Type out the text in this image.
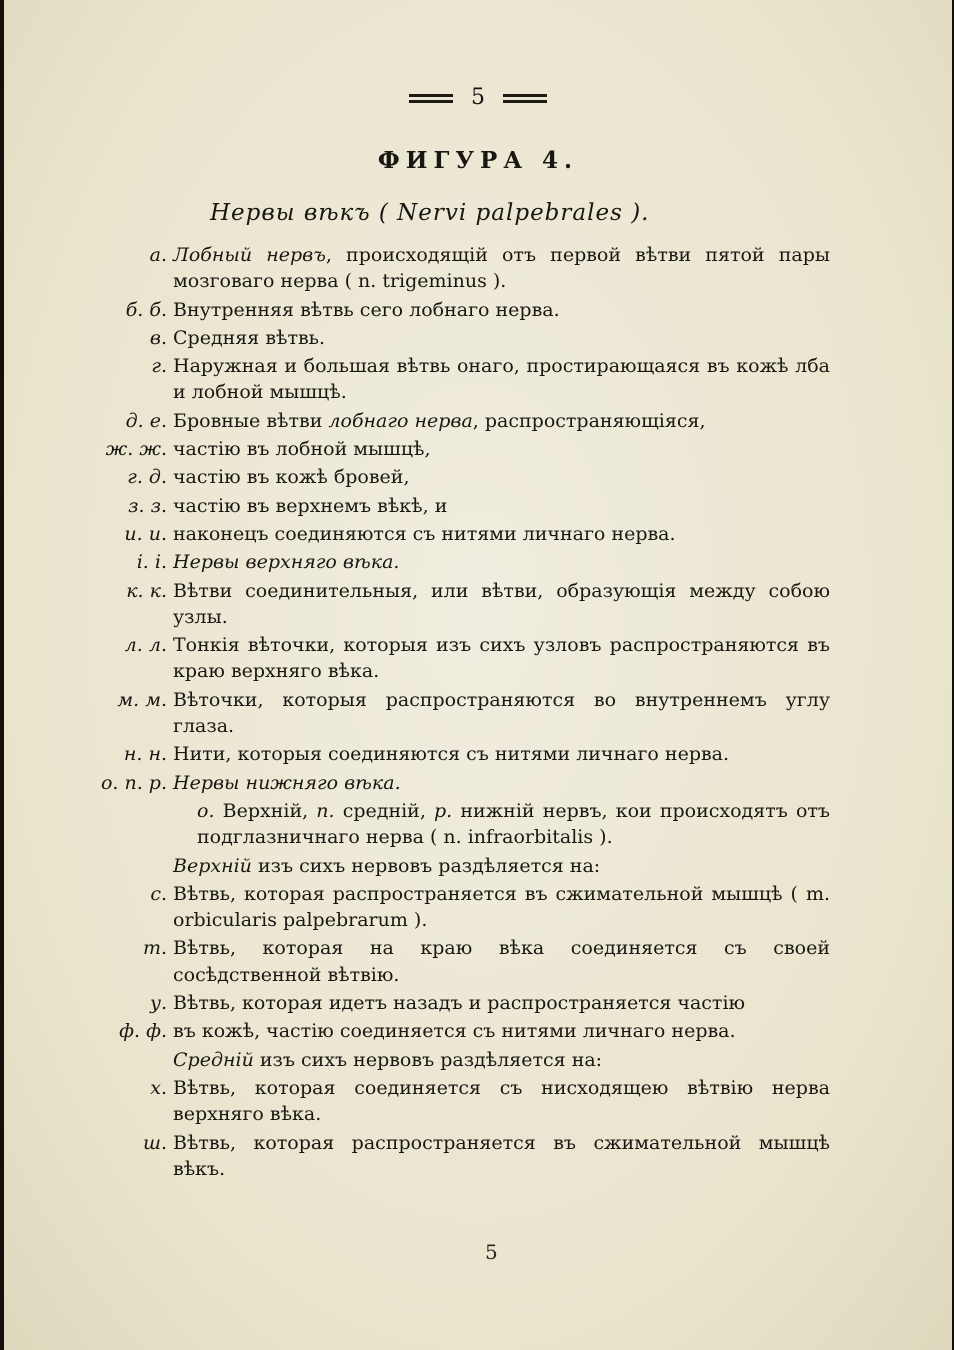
5
ФИГУРА 4.
Нервы вѣкъ ( Nervi palpebrales ).
а. Лобный нервъ, происходящій отъ первой вѣтви пятой пары мозговаго нерва ( n. trigeminus ).
б. б. Внутренняя вѣтвь сего лобнаго нерва.
в. Средняя вѣтвь.
г. Наружная и большая вѣтвь онаго, простирающаяся въ кожѣ лба и лобной мышцѣ.
д. е. Бровные вѣтви лобнаго нерва, распространяющіяся,
ж. ж. частію въ лобной мышцѣ,
г. д. частію въ кожѣ бровей,
з. з. частію въ верхнемъ вѣкѣ, и
и. и. наконецъ соединяются съ нитями личнаго нерва.
і. і. Нервы верхняго вѣка.
к. к. Вѣтви соединительныя, или вѣтви, образующія между собою узлы.
л. л. Тонкія вѣточки, которыя изъ сихъ узловъ распространяются въ краю верхняго вѣка.
м. м. Вѣточки, которыя распространяются во внутреннемъ углу глаза.
н. н. Нити, которыя соединяются съ нитями личнаго нерва.
о. п. р. Нервы нижняго вѣка.
о. Верхній, п. средній, р. нижній нервъ, кои происходятъ отъ подглазничнаго нерва ( n. infraorbitalis ).
Верхній изъ сихъ нервовъ раздѣляется на:
с. Вѣтвь, которая распространяется въ сжимательной мышцѣ ( m. orbicularis palpebrarum ).
т. Вѣтвь, которая на краю вѣка соединяется съ своей сосѣдственной вѣтвію.
у. Вѣтвь, которая идетъ назадъ и распространяется частію
ф. ф. въ кожѣ, частію соединяется съ нитями личнаго нерва.
Средній изъ сихъ нервовъ раздѣляется на:
х. Вѣтвь, которая соединяется съ нисходящею вѣтвію нерва верхняго вѣка.
ш. Вѣтвь, которая распространяется въ сжимательной мышцѣ вѣкъ.
5
